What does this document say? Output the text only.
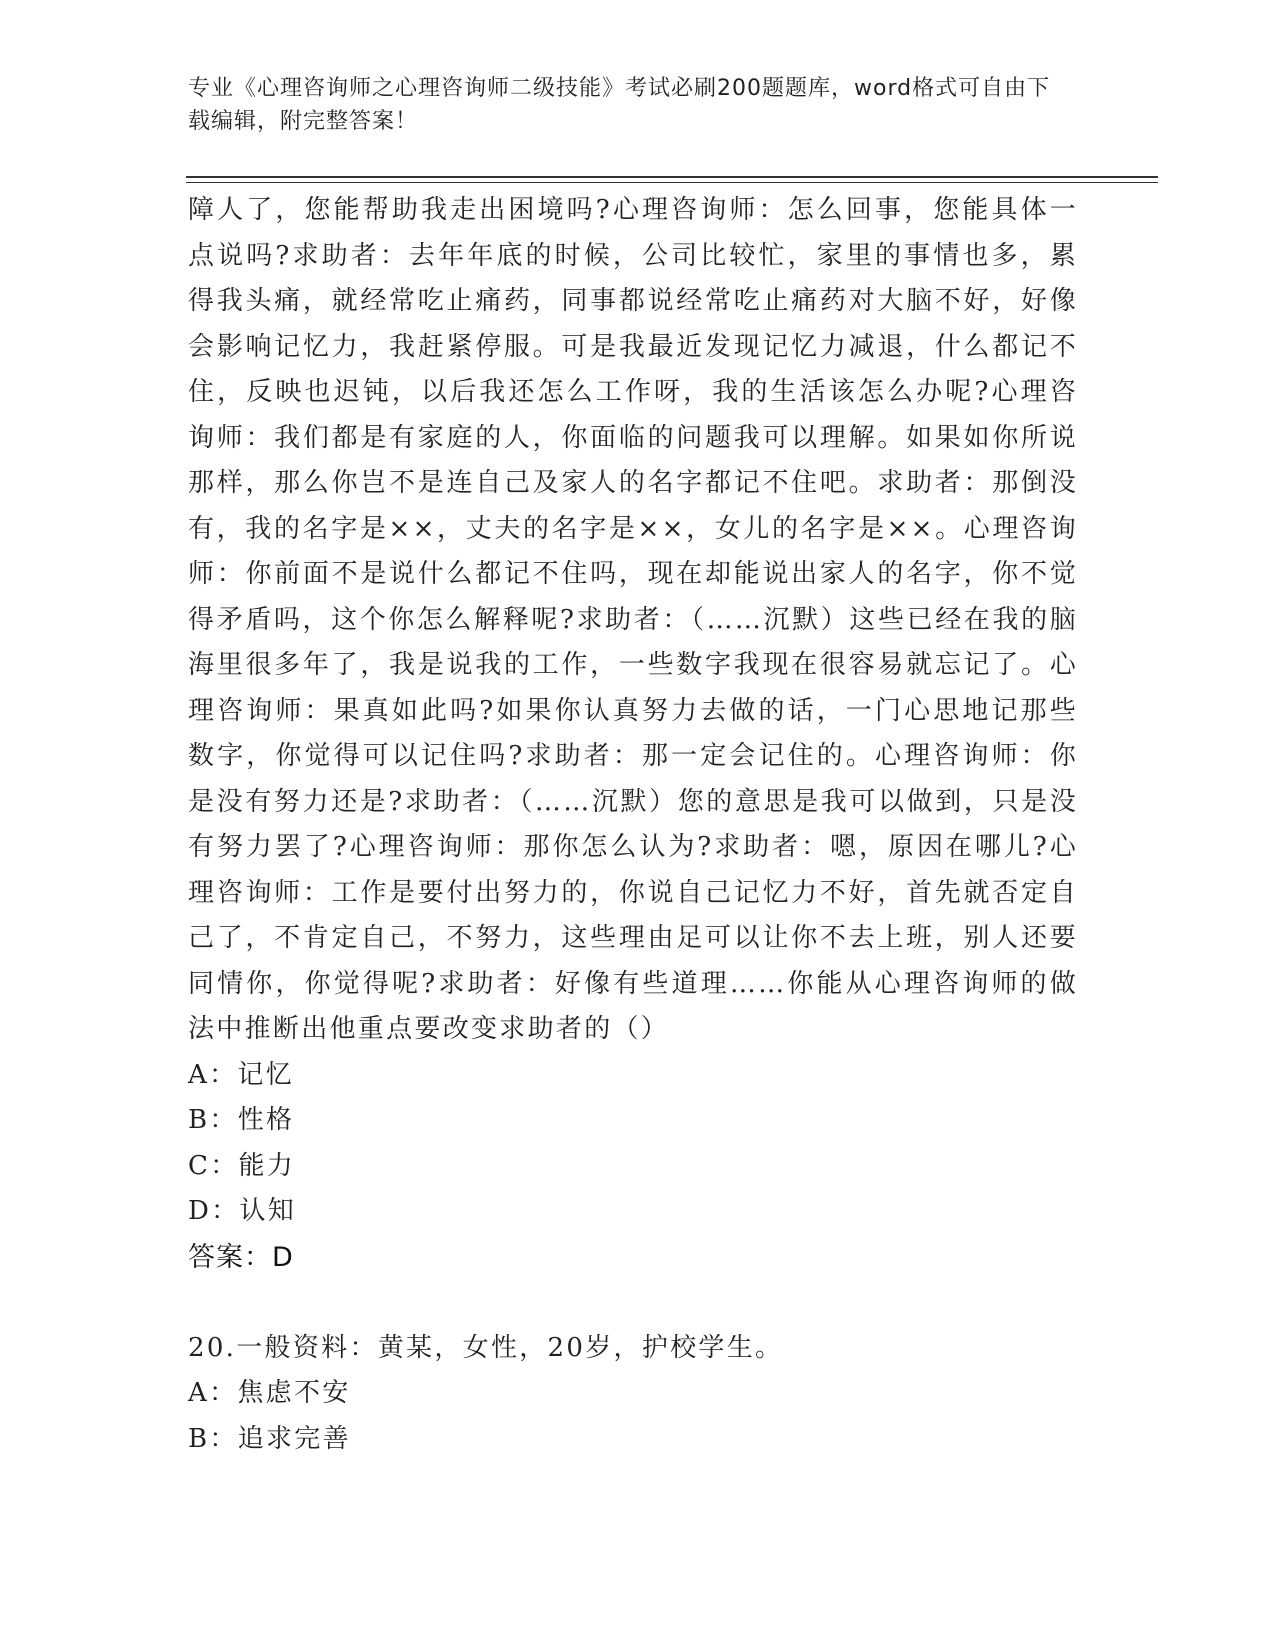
专业《心理咨询师之心理咨询师二级技能》考试必刷200题题库，word格式可自由下载编辑，附完整答案！

障人了，您能帮助我走出困境吗?心理咨询师：怎么回事，您能具体一点说吗?求助者：去年年底的时候，公司比较忙，家里的事情也多，累得我头痛，就经常吃止痛药，同事都说经常吃止痛药对大脑不好，好像会影响记忆力，我赶紧停服。可是我最近发现记忆力减退，什么都记不住，反映也迟钝，以后我还怎么工作呀，我的生活该怎么办呢?心理咨询师：我们都是有家庭的人，你面临的问题我可以理解。如果如你所说那样，那么你岂不是连自己及家人的名字都记不住吧。求助者：那倒没有，我的名字是××，丈夫的名字是××，女儿的名字是××。心理咨询师：你前面不是说什么都记不住吗，现在却能说出家人的名字，你不觉得矛盾吗，这个你怎么解释呢?求助者：（……沉默）这些已经在我的脑海里很多年了，我是说我的工作，一些数字我现在很容易就忘记了。心理咨询师：果真如此吗?如果你认真努力去做的话，一门心思地记那些数字，你觉得可以记住吗?求助者：那一定会记住的。心理咨询师：你是没有努力还是?求助者：（……沉默）您的意思是我可以做到，只是没有努力罢了?心理咨询师：那你怎么认为?求助者：嗯，原因在哪儿?心理咨询师：工作是要付出努力的，你说自己记忆力不好，首先就否定自己了，不肯定自己，不努力，这些理由足可以让你不去上班，别人还要同情你，你觉得呢?求助者：好像有些道理……你能从心理咨询师的做法中推断出他重点要改变求助者的（）

A：记忆

B：性格

C：能力

D：认知

答案：D

20.一般资料：黄某，女性，20岁，护校学生。

A：焦虑不安

B：追求完善
